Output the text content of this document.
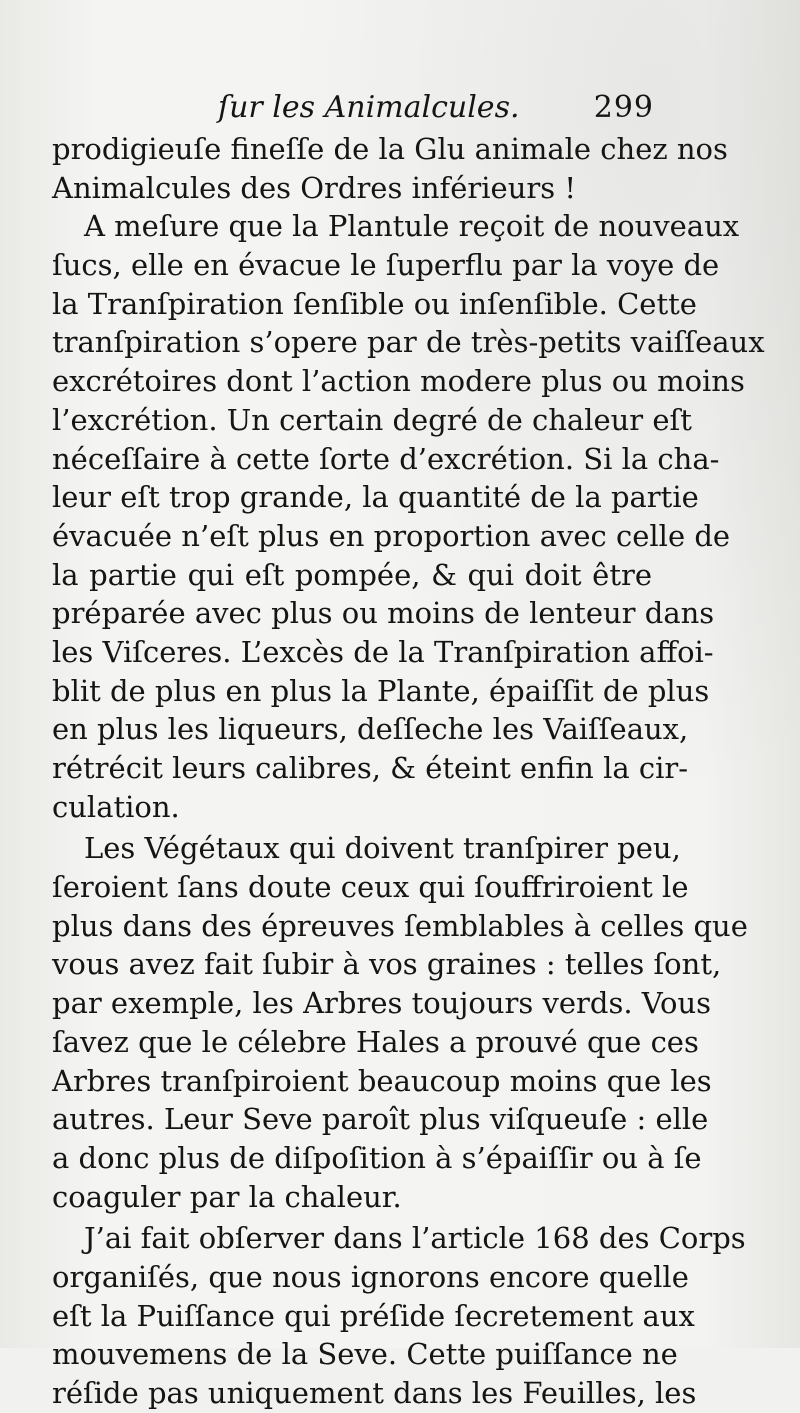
ſur les Animalcules. 299
prodigieuſe fineſſe de la Glu animale chez nos
Animalcules des Ordres inférieurs !
A meſure que la Plantule reçoit de nouveaux
ſucs, elle en évacue le ſuperflu par la voye de
la Tranſpiration ſenſible ou inſenſible. Cette
tranſpiration s’opere par de très-petits vaiſſeaux
excrétoires dont l’action modere plus ou moins
l’excrétion. Un certain degré de chaleur eſt
néceſſaire à cette ſorte d’excrétion. Si la cha-
leur eſt trop grande, la quantité de la partie
évacuée n’eſt plus en proportion avec celle de
la partie qui eſt pompée, & qui doit être
préparée avec plus ou moins de lenteur dans
les Viſceres. L’excès de la Tranſpiration affoi-
blit de plus en plus la Plante, épaiſſit de plus
en plus les liqueurs, deſſeche les Vaiſſeaux,
rétrécit leurs calibres, & éteint enfin la cir-
culation.
Les Végétaux qui doivent tranſpirer peu,
ſeroient ſans doute ceux qui ſouffriroient le
plus dans des épreuves ſemblables à celles que
vous avez fait ſubir à vos graines : telles ſont,
par exemple, les Arbres toujours verds. Vous
ſavez que le célebre Hales a prouvé que ces
Arbres tranſpiroient beaucoup moins que les
autres. Leur Seve paroît plus viſqueuſe : elle
a donc plus de diſpoſition à s’épaiſſir ou à ſe
coaguler par la chaleur.
J’ai fait obſerver dans l’article 168 des Corps
organiſés, que nous ignorons encore quelle
eſt la Puiſſance qui préſide ſecretement aux
mouvemens de la Seve. Cette puiſſance ne
réſide pas uniquement dans les Feuilles, les
